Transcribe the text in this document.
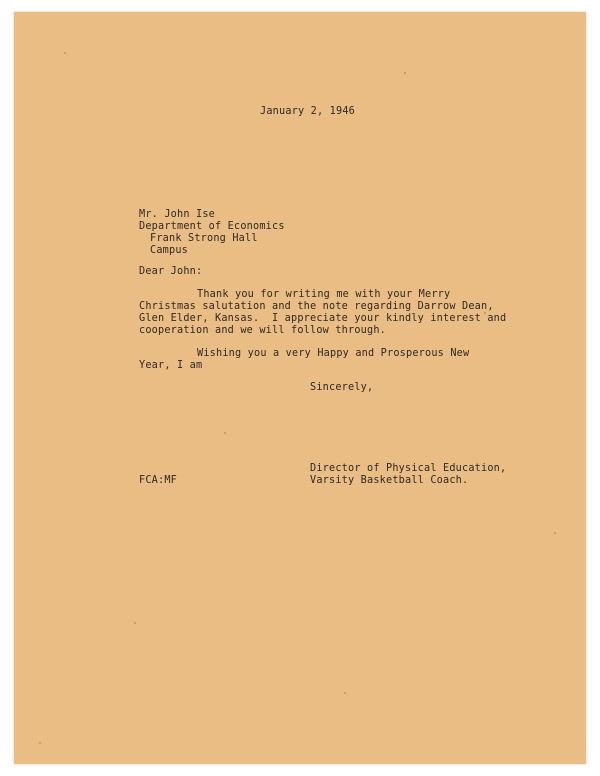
January 2, 1946

Mr. John Ise

Department of Economics

Frank Strong Hall

Campus

Dear John:

Thank you for writing me with your Merry

Christmas salutation and the note regarding Darrow Dean,

Glen Elder, Kansas.  I appreciate your kindly interest and

cooperation and we will follow through.

Wishing you a very Happy and Prosperous New

Year, I am

Sincerely,

Director of Physical Education,

Varsity Basketball Coach.

FCA:MF
